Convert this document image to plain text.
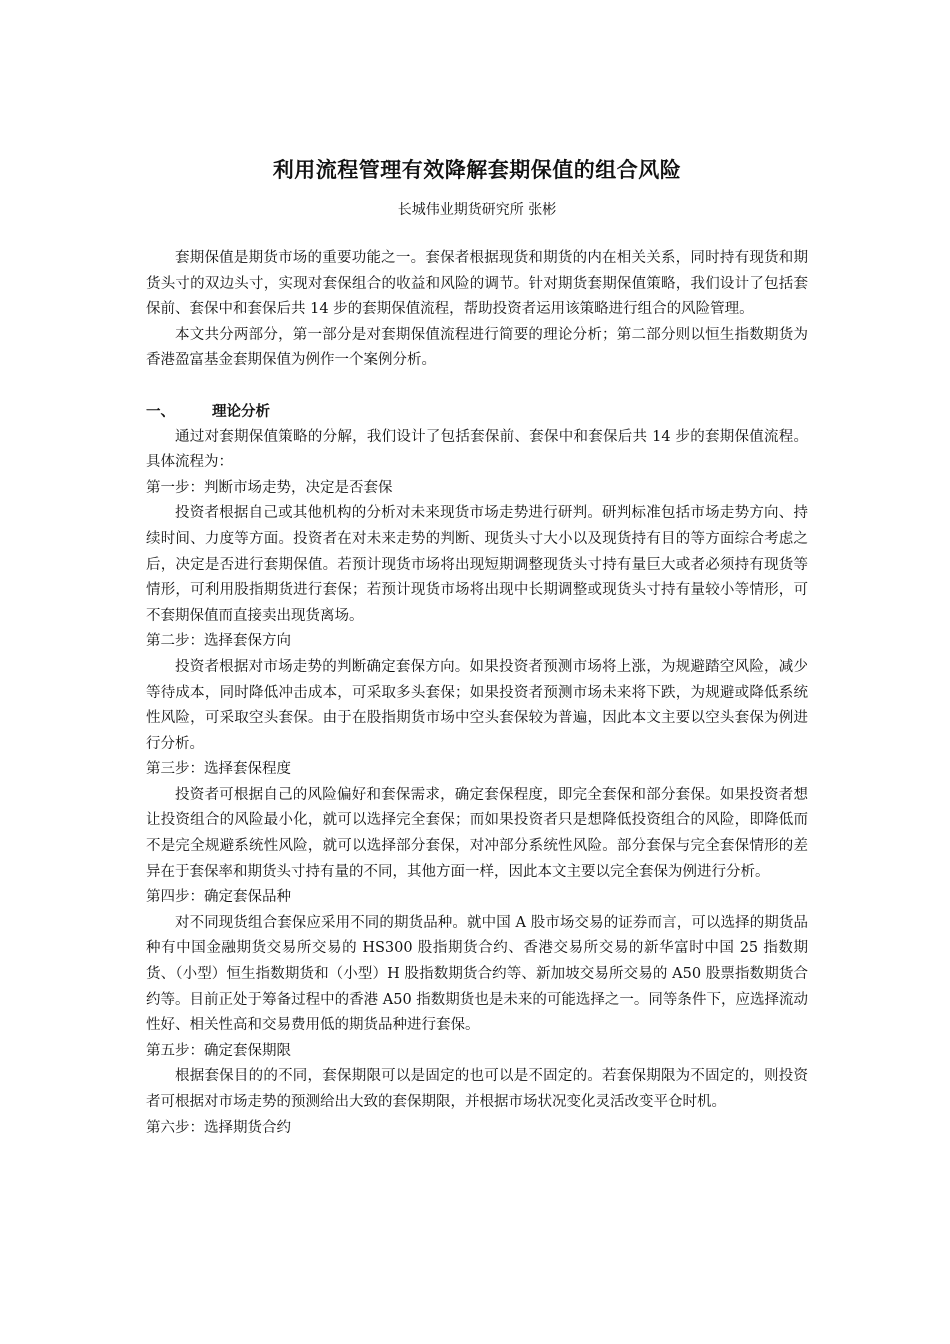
利用流程管理有效降解套期保值的组合风险
长城伟业期货研究所 张彬

套期保值是期货市场的重要功能之一。套保者根据现货和期货的内在相关关系，同时持有现货和期货头寸的双边头寸，实现对套保组合的收益和风险的调节。针对期货套期保值策略，我们设计了包括套保前、套保中和套保后共 14 步的套期保值流程，帮助投资者运用该策略进行组合的风险管理。

本文共分两部分，第一部分是对套期保值流程进行简要的理论分析；第二部分则以恒生指数期货为香港盈富基金套期保值为例作一个案例分析。

一、	理论分析

通过对套期保值策略的分解，我们设计了包括套保前、套保中和套保后共 14 步的套期保值流程。具体流程为：

第一步：判断市场走势，决定是否套保

投资者根据自己或其他机构的分析对未来现货市场走势进行研判。研判标准包括市场走势方向、持续时间、力度等方面。投资者在对未来走势的判断、现货头寸大小以及现货持有目的等方面综合考虑之后，决定是否进行套期保值。若预计现货市场将出现短期调整现货头寸持有量巨大或者必须持有现货等情形，可利用股指期货进行套保；若预计现货市场将出现中长期调整或现货头寸持有量较小等情形，可不套期保值而直接卖出现货离场。

第二步：选择套保方向

投资者根据对市场走势的判断确定套保方向。如果投资者预测市场将上涨，为规避踏空风险，减少等待成本，同时降低冲击成本，可采取多头套保；如果投资者预测市场未来将下跌，为规避或降低系统性风险，可采取空头套保。由于在股指期货市场中空头套保较为普遍，因此本文主要以空头套保为例进行分析。

第三步：选择套保程度

投资者可根据自己的风险偏好和套保需求，确定套保程度，即完全套保和部分套保。如果投资者想让投资组合的风险最小化，就可以选择完全套保；而如果投资者只是想降低投资组合的风险，即降低而不是完全规避系统性风险，就可以选择部分套保，对冲部分系统性风险。部分套保与完全套保情形的差异在于套保率和期货头寸持有量的不同，其他方面一样，因此本文主要以完全套保为例进行分析。

第四步：确定套保品种

对不同现货组合套保应采用不同的期货品种。就中国 A 股市场交易的证券而言，可以选择的期货品种有中国金融期货交易所交易的 HS300 股指期货合约、香港交易所交易的新华富时中国 25 指数期货、（小型）恒生指数期货和（小型）H 股指数期货合约等、新加坡交易所交易的 A50 股票指数期货合约等。目前正处于筹备过程中的香港 A50 指数期货也是未来的可能选择之一。同等条件下，应选择流动性好、相关性高和交易费用低的期货品种进行套保。

第五步：确定套保期限

根据套保目的的不同，套保期限可以是固定的也可以是不固定的。若套保期限为不固定的，则投资者可根据对市场走势的预测给出大致的套保期限，并根据市场状况变化灵活改变平仓时机。

第六步：选择期货合约
